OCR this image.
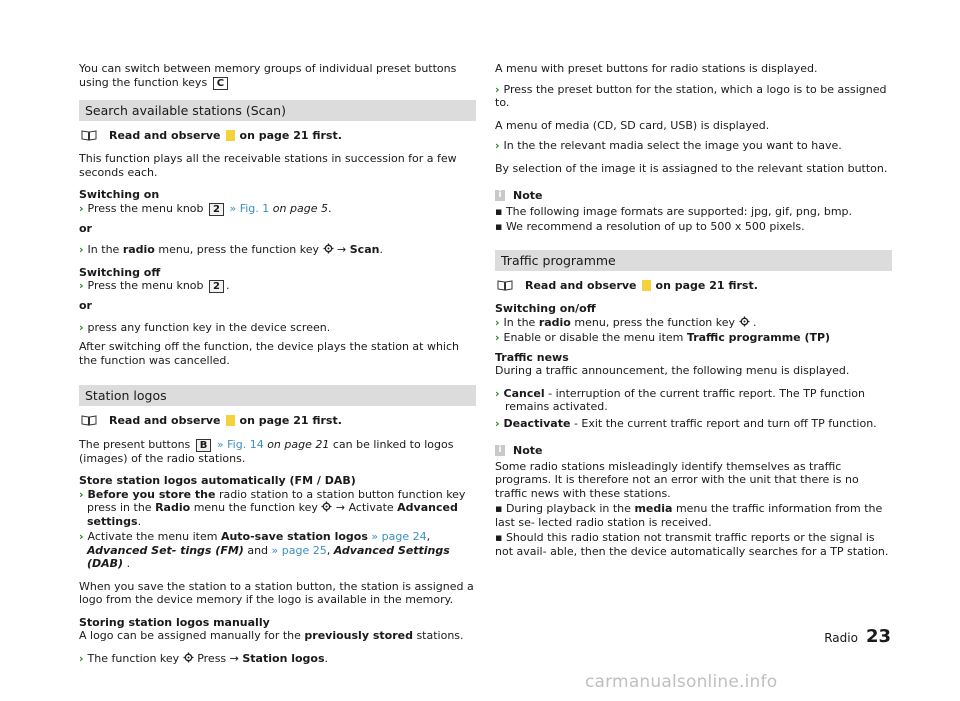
You can switch between memory groups of individual preset buttons using the function keys C

Search available stations (Scan)
Read and observe on page 21 first.

This function plays all the receivable stations in succession for a few seconds each.

Switching on

› Press the menu knob 2 » Fig. 1 on page 5.

or

› In the radio menu, press the function key → Scan.

Switching off

› Press the menu knob 2 .

or

› press any function key in the device screen.

After switching off the function, the device plays the station at which the function was cancelled.

Station logos
Read and observe on page 21 first.

The present buttons B » Fig. 14 on page 21 can be linked to logos (images) of the radio stations.

Store station logos automatically (FM / DAB)

› Before you store the radio station to a station button function key press in the Radio menu the function key → Activate Advanced settings.

› Activate the menu item Auto-save station logos » page 24, Advanced Set- tings (FM) and » page 25, Advanced Settings (DAB) .

When you save the station to a station button, the station is assigned a logo from the device memory if the logo is available in the memory.

Storing station logos manually

A logo can be assigned manually for the previously stored stations.

› The function key Press → Station logos.

A menu with preset buttons for radio stations is displayed.

› Press the preset button for the station, which a logo is to be assigned to.

A menu of media (CD, SD card, USB) is displayed.

› In the the relevant madia select the image you want to have.

By selection of the image it is assiagned to the relevant station button.

i	Note

▪ The following image formats are supported: jpg, gif, png, bmp.

▪ We recommend a resolution of up to 500 x 500 pixels.

Traffic programme
Read and observe on page 21 first.
Switching on/off

› In the radio menu, press the function key  .

› Enable or disable the menu item Traffic programme (TP)

Traffic news

During a traffic announcement, the following menu is displayed.

› Cancel - interruption of the current traffic report. The TP function remains activated.

› Deactivate - Exit the current traffic report and turn off TP function.

i	Note

Some radio stations misleadingly identify themselves as traffic programs. It is therefore not an error with the unit that there is no traffic news with these stations.

▪ During playback in the media menu the traffic information from the last se- lected radio station is received.

▪ Should this radio station not transmit traffic reports or the signal is not avail- able, then the device automatically searches for a TP station.

Radio 23
carmanualsonline.info
